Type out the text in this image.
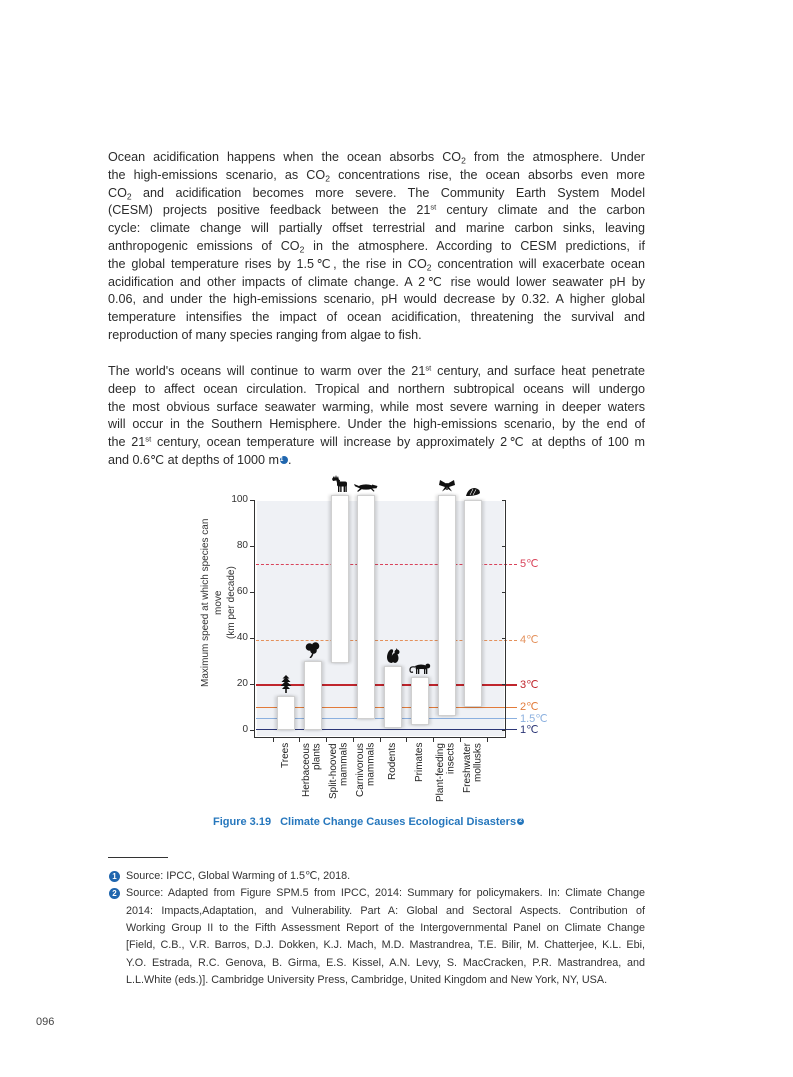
Ocean acidification happens when the ocean absorbs $CO_2$ from the atmosphere. Under
the high-emissions scenario, as $CO_2$ concentrations rise, the ocean absorbs even more
$CO_2$ and acidification becomes more severe. The Community Earth System Model
(CESM) projects positive feedback between the 21st century climate and the carbon
cycle: climate change will partially offset terrestrial and marine carbon sinks, leaving
anthropogenic emissions of $CO_2$ in the atmosphere. According to CESM predictions, if
the global temperature rises by 1.5℃, the rise in $CO_2$ concentration will exacerbate ocean
acidification and other impacts of climate change. A 2℃ rise would lower seawater pH by
0.06, and under the high-emissions scenario, pH would decrease by 0.32. A higher global
temperature intensifies the impact of ocean acidification, threatening the survival and
reproduction of many species ranging from algae to fish.
The world's oceans will continue to warm over the 21st century, and surface heat penetrate
deep to affect ocean circulation. Tropical and northern subtropical oceans will undergo
the most obvious surface seawater warming, while most severe warning in deeper waters
will occur in the Southern Hemisphere. Under the high-emissions scenario, by the end of
the 21st century, ocean temperature will increase by approximately 2℃ at depths of 100 m
and 0.6℃ at depths of 1000 m1 .
Maximum speed at which species can move (km per decade)
5℃
4℃
3℃
2℃
1.5℃
1℃
0
20
40
60
80
100
Trees Herbaceous
plants Split-hooved
mammals Carnivorous
mammals Rodents Primates Plant-feeding
insects Freshwater
mollusks
Figure 3.19 Climate Change Causes Ecological Disasters 2
1 Source: IPCC, Global Warming of 1.5℃, 2018.
2 Source: Adapted from Figure SPM.5 from IPCC, 2014: Summary for policymakers. In: Climate Change
2014: Impacts,Adaptation, and Vulnerability. Part A: Global and Sectoral Aspects. Contribution of
Working Group II to the Fifth Assessment Report of the Intergovernmental Panel on Climate Change
[Field, C.B., V.R. Barros, D.J. Dokken, K.J. Mach, M.D. Mastrandrea, T.E. Bilir, M. Chatterjee, K.L. Ebi,
Y.O. Estrada, R.C. Genova, B. Girma, E.S. Kissel, A.N. Levy, S. MacCracken, P.R. Mastrandrea, and
L.L.White (eds.)]. Cambridge University Press, Cambridge, United Kingdom and New York, NY, USA.
096
